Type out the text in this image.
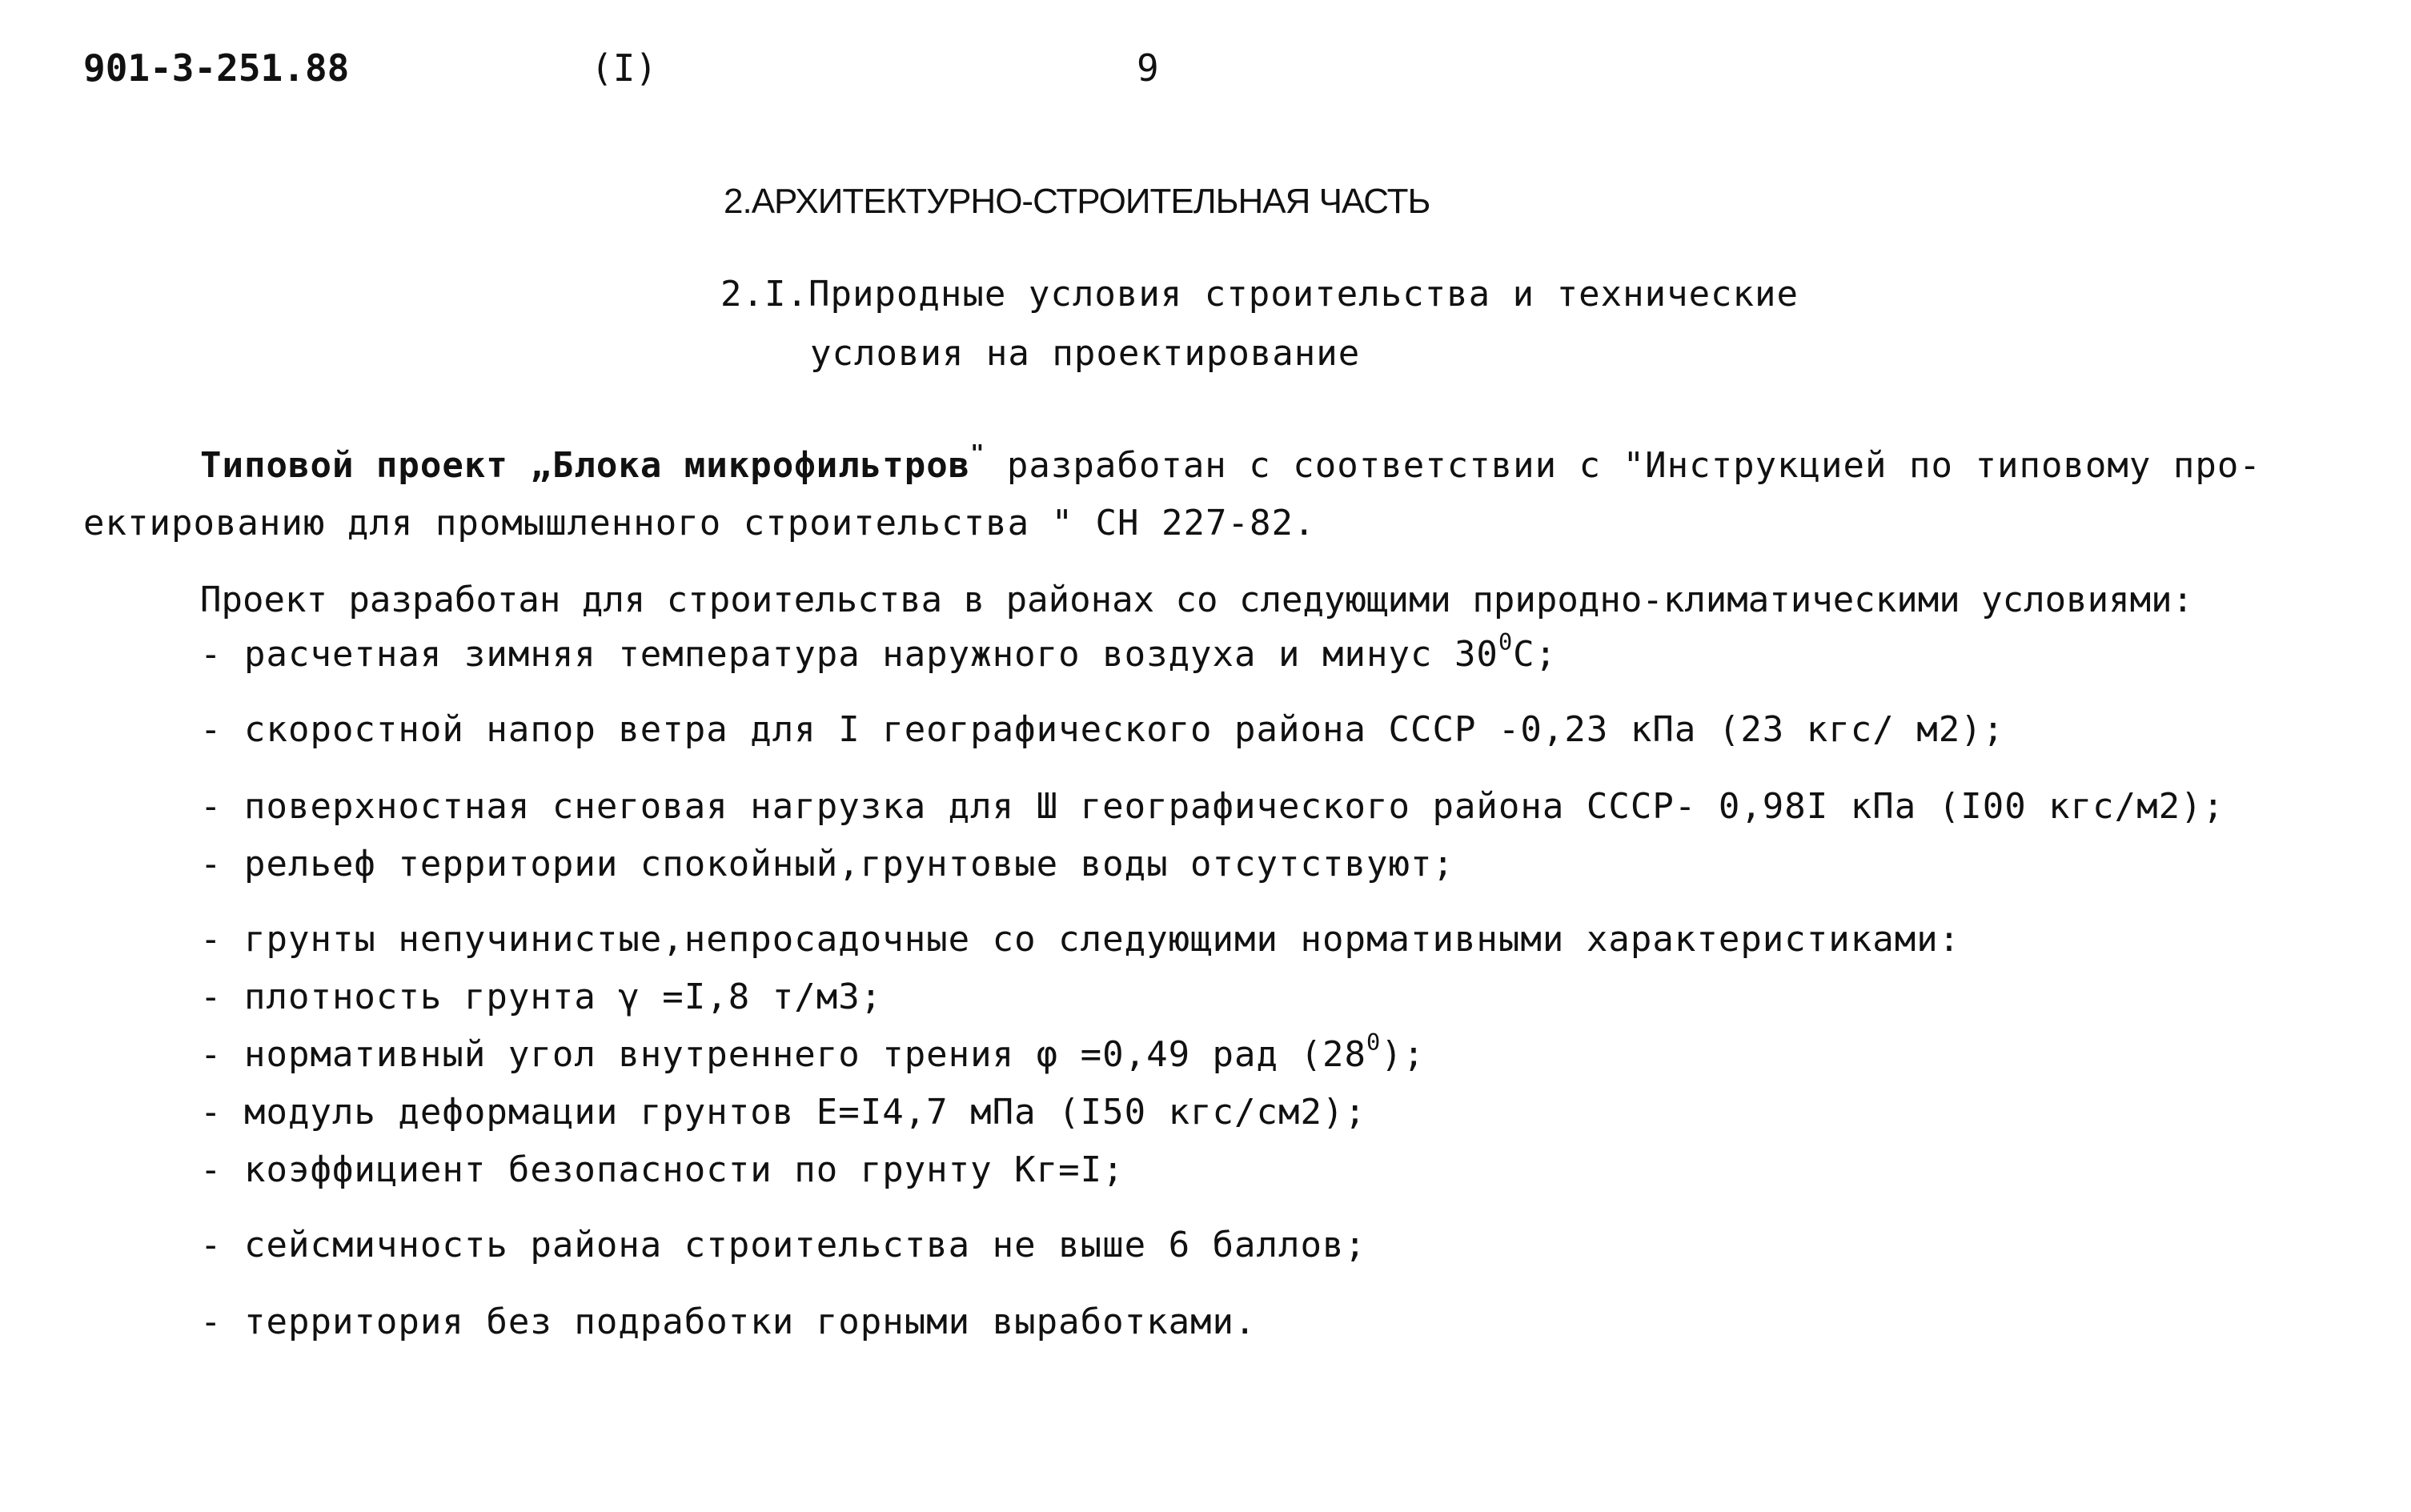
901-3-251.88	(I)	9
2.АРХИТЕКТУРНО-СТРОИТЕЛЬНАЯ ЧАСТЬ
2.I.Природные условия строительства и технические
условия на проектирование
Типовой проект „Блока микрофильтров" разработан с соответствии с "Инструкцией по типовому про-
ектированию для промышленного строительства " СН 227-82.
Проект разработан для строительства в районах со следующими природно-климатическими условиями:
- расчетная зимняя температура наружного воздуха и минус $30^0С$;
- скоростной напор ветра для I географического района СССР -0,23 кПа (23 кгс/ м2);
- поверхностная снеговая нагрузка для Ш географического района СССР- 0,98I кПа (I00 кгс/м2);
- рельеф территории спокойный,грунтовые воды отсутствуют;
- грунты непучинистые,непросадочные со следующими нормативными характеристиками:
- плотность грунта γ =I,8 т/м3;
- нормативный угол внутреннего трения φ =0,49 рад $(28^0)$;
- модуль деформации грунтов Е=I4,7 мПа (I50 кгс/см2);
- коэффициент безопасности по грунту Кг=I;
- сейсмичность района строительства не выше 6 баллов;
- территория без подработки горными выработками.
